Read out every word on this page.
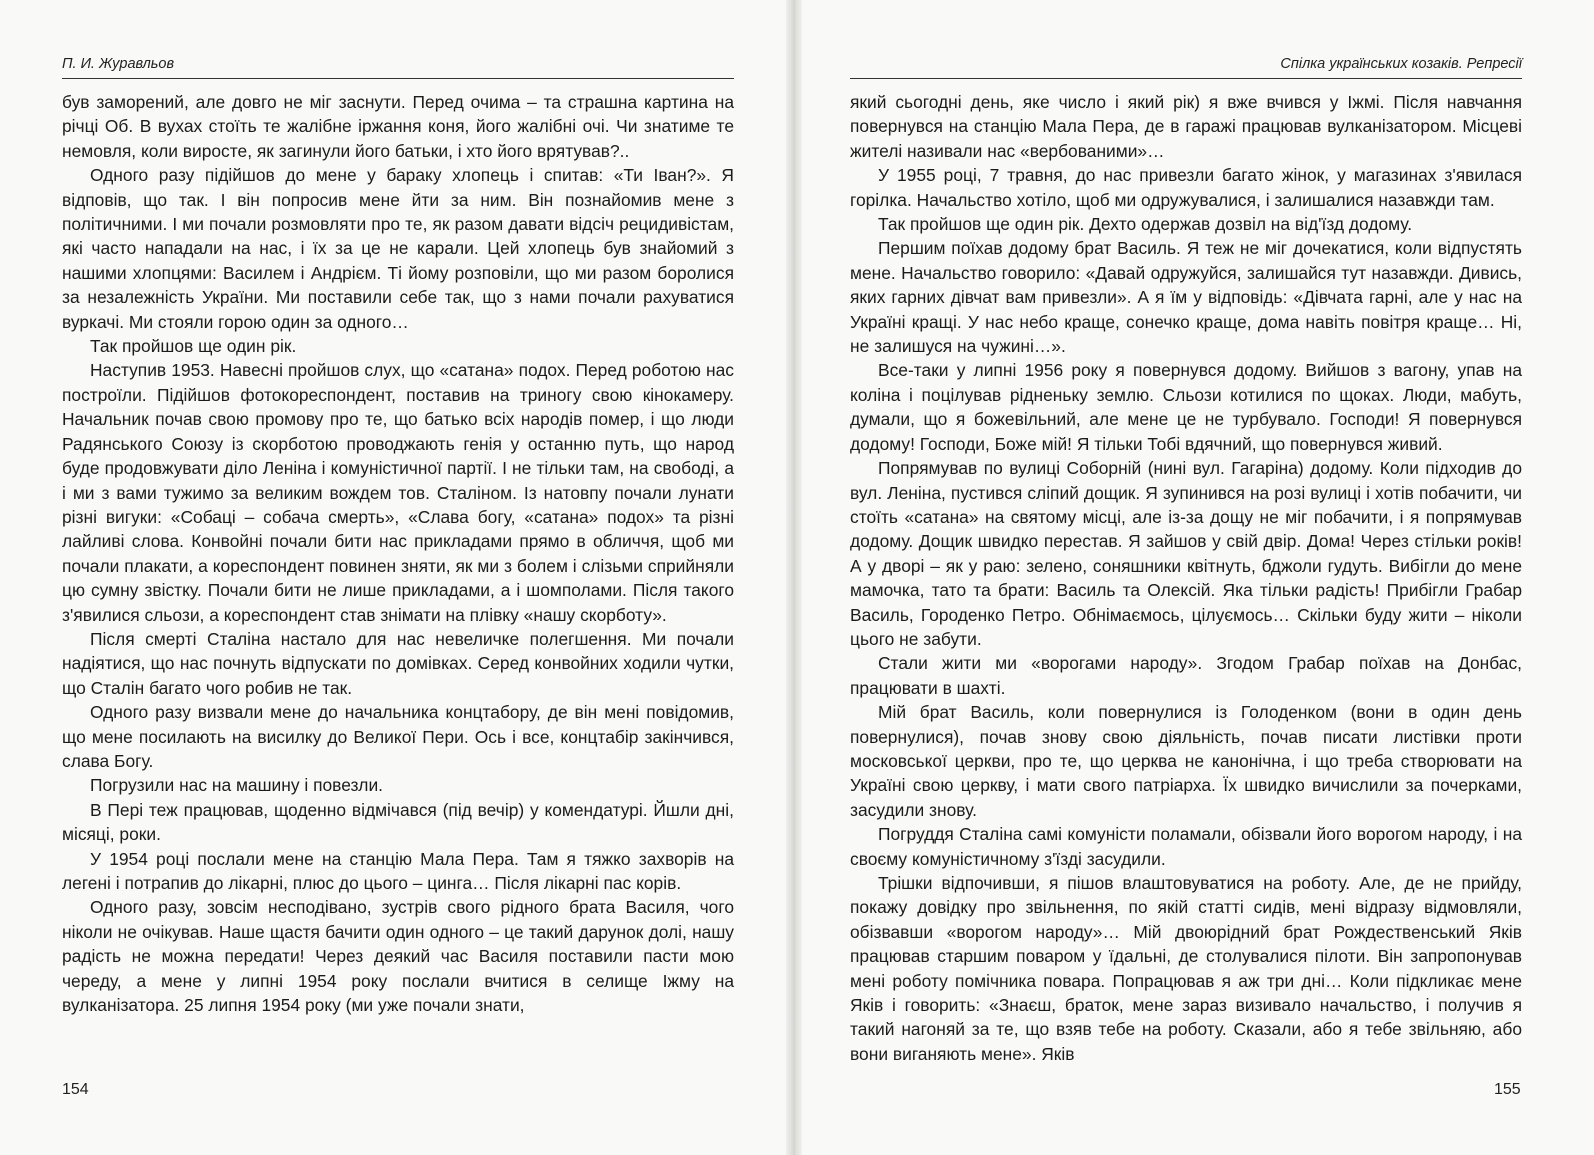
П. И. Журавльов

був заморений, але довго не міг заснути. Перед очима – та страшна картина на річці Об. В вухах стоїть те жалібне іржання коня, його жалібні очі. Чи знатиме те немовля, коли виросте, як загинули його батьки, і хто його врятував?..

Одного разу підійшов до мене у бараку хлопець і спитав: «Ти Іван?». Я відповів, що так. І він попросив мене йти за ним. Він познайомив мене з політичними. І ми почали розмовляти про те, як разом давати відсіч рецидивістам, які часто нападали на нас, і їх за це не карали. Цей хлопець був знайомий з нашими хлопцями: Василем і Андрієм. Ті йому розповіли, що ми разом боролися за незалежність України. Ми поставили себе так, що з нами почали рахуватися вуркачі. Ми стояли горою один за одного…

Так пройшов ще один рік.

Наступив 1953. Навесні пройшов слух, що «сатана» подох. Перед роботою нас построїли. Підійшов фотокореспондент, поставив на триногу свою кінокамеру. Начальник почав свою промову про те, що батько всіх народів помер, і що люди Радянського Союзу із скорботою проводжають генія у останню путь, що народ буде продовжувати діло Леніна і комуністичної партії. І не тільки там, на свободі, а і ми з вами тужимо за великим вождем тов. Сталіном. Із натовпу почали лунати різні вигуки: «Собаці – собача смерть», «Слава богу, «сатана» подох» та різні лайливі слова. Конвойні почали бити нас прикладами прямо в обличчя, щоб ми почали плакати, а кореспондент повинен зняти, як ми з болем і слізьми сприйняли цю сумну звістку. Почали бити не лише прикладами, а і шомполами. Після такого з'явилися сльози, а кореспондент став знімати на плівку «нашу скорботу».

Після смерті Сталіна настало для нас невеличке полегшення. Ми почали надіятися, що нас почнуть відпускати по домівках. Серед конвойних ходили чутки, що Сталін багато чого робив не так.

Одного разу визвали мене до начальника концтабору, де він мені повідомив, що мене посилають на висилку до Великої Пери. Ось і все, концтабір закінчився, слава Богу.

Погрузили нас на машину і повезли.

В Пері теж працював, щоденно відмічався (під вечір) у комендатурі. Йшли дні, місяці, роки.

У 1954 році послали мене на станцію Мала Пера. Там я тяжко захворів на легені і потрапив до лікарні, плюс до цього – цинга… Після лікарні пас корів.

Одного разу, зовсім несподівано, зустрів свого рідного брата Василя, чого ніколи не очікував. Наше щастя бачити один одного – це такий дарунок долі, нашу радість не можна передати! Через деякий час Василя поставили пасти мою череду, а мене у липні 1954 року послали вчитися в селище Іжму на вулканізатора. 25 липня 1954 року (ми уже почали знати,

154
Спілка українських козаків. Репресії

який сьогодні день, яке число і який рік) я вже вчився у Іжмі. Після навчання повернувся на станцію Мала Пера, де в гаражі працював вулканізатором. Місцеві жителі називали нас «вербованими»…

У 1955 році, 7 травня, до нас привезли багато жінок, у магазинах з'явилася горілка. Начальство хотіло, щоб ми одружувалися, і залишалися назавжди там.

Так пройшов ще один рік. Дехто одержав дозвіл на від'їзд додому.

Першим поїхав додому брат Василь. Я теж не міг дочекатися, коли відпустять мене. Начальство говорило: «Давай одружуйся, залишайся тут назавжди. Дивись, яких гарних дівчат вам привезли». А я їм у відповідь: «Дівчата гарні, але у нас на Україні кращі. У нас небо краще, сонечко краще, дома навіть повітря краще… Ні, не залишуся на чужині…».

Все-таки у липні 1956 року я повернувся додому. Вийшов з вагону, упав на коліна і поцілував рідненьку землю. Сльози котилися по щоках. Люди, мабуть, думали, що я божевільний, але мене це не турбувало. Господи! Я повернувся додому! Господи, Боже мій! Я тільки Тобі вдячний, що повернувся живий.

Попрямував по вулиці Соборній (нині вул. Гагаріна) додому. Коли підходив до вул. Леніна, пустився сліпий дощик. Я зупинився на розі вулиці і хотів побачити, чи стоїть «сатана» на святому місці, але із-за дощу не міг побачити, і я попрямував додому. Дощик швидко перестав. Я зайшов у свій двір. Дома! Через стільки років! А у дворі – як у раю: зелено, соняшники квітнуть, бджоли гудуть. Вибігли до мене мамочка, тато та брати: Василь та Олексій. Яка тільки радість! Прибігли Грабар Василь, Городенко Петро. Обнімаємось, цілуємось… Скільки буду жити – ніколи цього не забути.

Стали жити ми «ворогами народу». Згодом Грабар поїхав на Донбас, працювати в шахті.

Мій брат Василь, коли повернулися із Голоденком (вони в один день повернулися), почав знову свою діяльність, почав писати листівки проти московської церкви, про те, що церква не канонічна, і що треба створювати на Україні свою церкву, і мати свого патріарха. Їх швидко вичислили за почерками, засудили знову.

Погруддя Сталіна самі комуністи поламали, обізвали його ворогом народу, і на своєму комуністичному з'їзді засудили.

Трішки відпочивши, я пішов влаштовуватися на роботу. Але, де не прийду, покажу довідку про звільнення, по якій статті сидів, мені відразу відмовляли, обізвавши «ворогом народу»… Мій двоюрідний брат Рождественський Яків працював старшим поваром у їдальні, де столувалися пілоти. Він запропонував мені роботу помічника повара. Попрацював я аж три дні… Коли підкликає мене Яків і говорить: «Знаєш, браток, мене зараз визивало начальство, і получив я такий нагоняй за те, що взяв тебе на роботу. Сказали, або я тебе звільняю, або вони виганяють мене». Яків

155
